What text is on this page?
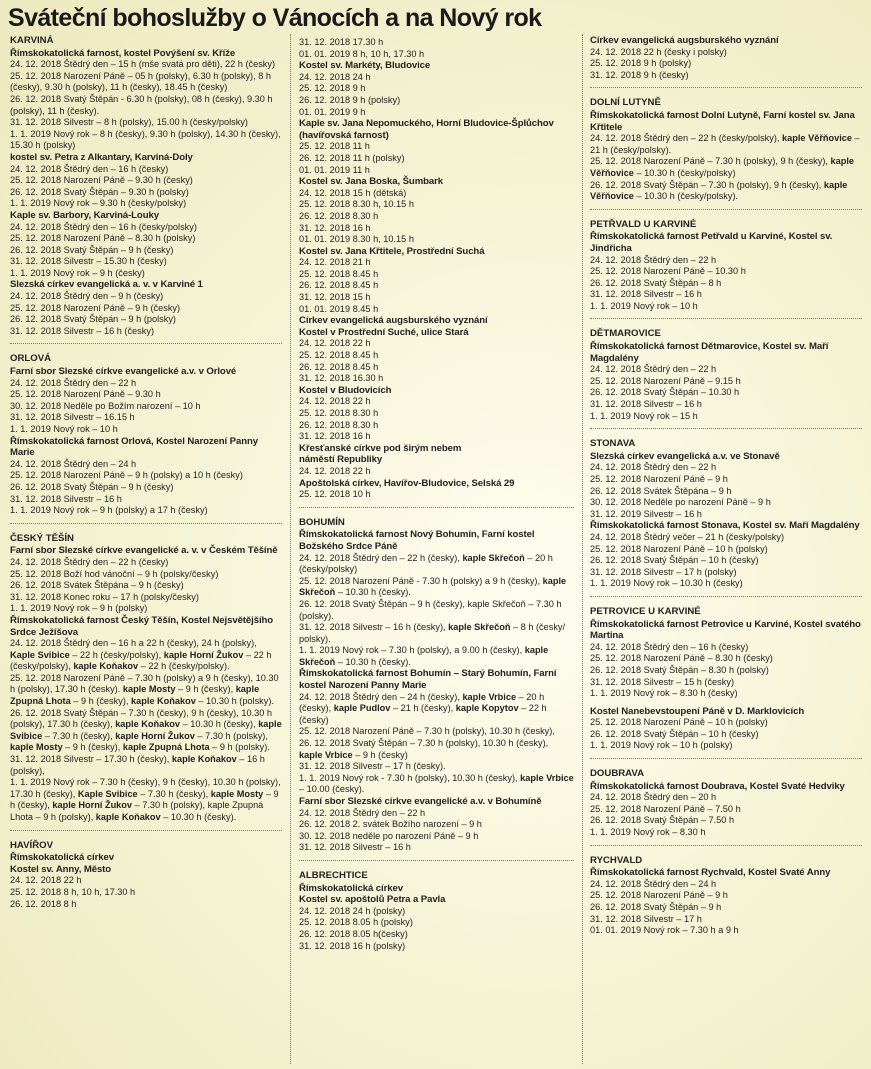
Sváteční bohoslužby o Vánocích a na Nový rok
KARVINÁ
Římskokatolická farnost, kostel Povýšení sv. Kříže
24. 12. 2018 Štědrý den – 15 h (mše svatá pro děti), 22 h (česky)
25. 12. 2018 Narození Páně – 05 h (polsky), 6.30 h (polsky), 8 h (česky), 9.30 h (polsky), 11 h (česky), 18.45 h (česky)
26. 12. 2018 Svatý Štěpán - 6.30 h (polsky), 08 h (česky), 9.30 h (polsky), 11 h (česky).
31. 12. 2018 Silvestr – 8 h (polsky), 15.00 h (česky/polsky)
1. 1. 2019 Nový rok – 8 h (česky), 9.30 h (polsky), 14.30 h (česky), 15.30 h (polsky)
kostel sv. Petra z Alkantary, Karviná-Doly
24. 12. 2018 Štědrý den – 16 h (česky)
25. 12. 2018 Narození Páně – 9.30 h (česky)
26. 12. 2018 Svatý Štěpán – 9.30 h (polsky)
1. 1. 2019 Nový rok – 9.30 h (česky/polsky)
Kaple sv. Barbory, Karviná-Louky
24. 12. 2018 Štědrý den – 16 h (česky/polsky)
25. 12. 2018 Narození Páně – 8.30 h (polsky)
26. 12. 2018 Svatý Štěpán – 9 h (česky)
31. 12. 2018 Silvestr – 15.30 h (česky)
1. 1. 2019 Nový rok – 9 h (česky)
Slezská církev evangelická a. v. v Karviné 1
24. 12. 2018 Štědrý den – 9 h (česky)
25. 12. 2018 Narození Páně – 9 h (česky)
26. 12. 2018 Svatý Štěpán – 9 h (polsky)
31. 12. 2018 Silvestr – 16 h (česky)
ORLOVÁ
Farní sbor Slezské církve evangelické a.v. v Orlové
24. 12. 2018 Štědrý den – 22 h
25. 12. 2018 Narození Páně – 9.30 h
30. 12. 2018 Neděle po Božím narození – 10 h
31. 12. 2018 Silvestr – 16.15 h
1. 1. 2019 Nový rok – 10 h
Římskokatolická farnost Orlová, Kostel Narození Panny Marie
24. 12. 2018 Štědrý den – 24 h
25. 12. 2018 Narození Páně – 9 h (polsky) a 10 h (česky)
26. 12. 2018 Svatý Štěpán – 9 h (česky)
31. 12. 2018 Silvestr – 16 h
1. 1. 2019 Nový rok – 9 h (polsky) a 17 h (česky)
ČESKÝ TĚŠÍN
Farní sbor Slezské církve evangelické a. v. v Českém Těšíně
24. 12. 2018 Štědrý den – 22 h (česky)
25. 12. 2018 Boží hod vánoční – 9 h (polsky/česky)
26. 12. 2018 Svátek Štěpána – 9 h (česky)
31. 12. 2018 Konec roku – 17 h (polsky/česky)
1. 1. 2019 Nový rok – 9 h (polsky)
Římskokatolická farnost Český Těšín, Kostel Nejsvětějšího Srdce Ježíšova
24. 12. 2018 Štědrý den – 16 h a 22 h (česky), 24 h (polsky), Kaple Svibice – 22 h (česky/polsky), kaple Horní Žukov – 22 h (česky/polsky), kaple Koňakov – 22 h (česky/polsky).
25. 12. 2018 Narození Páně – 7.30 h (polsky) a 9 h (česky), 10.30 h (polsky), 17.30 h (česky). kaple Mosty – 9 h (česky), kaple Zpupná Lhota – 9 h (česky), kaple Koňakov – 10.30 h (polsky).
26. 12. 2018 Svatý Štěpán – 7.30 h (česky), 9 h (česky), 10.30 h (polsky), 17.30 h (česky), kaple Koňakov – 10.30 h (česky), kaple Svibice – 7.30 h (česky), kaple Horní Žukov – 7.30 h (polsky), kaple Mosty – 9 h (česky), kaple Zpupná Lhota – 9 h (polsky).
31. 12. 2018 Silvestr – 17.30 h (česky), kaple Koňakov – 16 h (polsky),
1. 1. 2019 Nový rok – 7.30 h (česky), 9 h (česky), 10.30 h (polsky), 17.30 h (česky), Kaple Svibice – 7.30 h (česky), kaple Mosty – 9 h (česky), kaple Horní Žukov – 7.30 h (polsky), kaple Zpupná Lhota – 9 h (polsky), kaple Koňakov – 10.30 h (česky).
HAVÍŘOV
Římskokatolická církev
Kostel sv. Anny, Město
24. 12. 2018 22 h
25. 12. 2018 8 h, 10 h, 17.30 h
26. 12. 2018 8 h
31. 12. 2018 17.30 h
01. 01. 2019 8 h, 10 h, 17.30 h
Kostel sv. Markéty, Bludovice
24. 12. 2018 24 h
25. 12. 2018 9 h
26. 12. 2018 9 h (polsky)
01. 01. 2019 9 h
Kaple sv. Jana Nepomuckého, Horní Bludovice-Šplůchov (havířovská farnost)
25. 12. 2018 11 h
26. 12. 2018 11 h (polsky)
01. 01. 2019 11 h
Kostel sv. Jana Boska, Šumbark
24. 12. 2018 15 h (dětská)
25. 12. 2018 8.30 h, 10.15 h
26. 12. 2018 8.30 h
31. 12. 2018 16 h
01. 01. 2019 8.30 h, 10.15 h
Kostel sv. Jana Křtitele, Prostřední Suchá
24. 12. 2018 21 h
25. 12. 2018 8.45 h
26. 12. 2018 8.45 h
31. 12. 2018 15 h
01. 01. 2019 8.45 h
Církev evangelická augsburského vyznání
Kostel v Prostřední Suché, ulice Stará
24. 12. 2018 22 h
25. 12. 2018 8.45 h
26. 12. 2018 8.45 h
31. 12. 2018 16.30 h
Kostel v Bludovicích
24. 12. 2018 22 h
25. 12. 2018 8.30 h
26. 12. 2018 8.30 h
31. 12. 2018 16 h
Křesťanské církve pod širým nebem
náměstí Republiky
24. 12. 2018 22 h
Apoštolská církev, Havířov-Bludovice, Selská 29
25. 12. 2018 10 h
BOHUMÍN
Římskokatolická farnost Nový Bohumín, Farní kostel Božského Srdce Páně
24. 12. 2018 Štědrý den – 22 h (česky), kaple Skřečoň – 20 h (česky/polsky)
25. 12. 2018 Narození Páně - 7.30 h (polsky) a 9 h (česky), kaple Skřečoň – 10.30 h (česky).
26. 12. 2018 Svatý Štěpán – 9 h (česky), kaple Skřečoň – 7.30 h (polsky).
31. 12. 2018 Silvestr – 16 h (česky), kaple Skřečoň – 8 h (česky/ polsky).
1. 1. 2019 Nový rok – 7.30 h (polsky), a 9.00 h (česky), kaple Skřečoň – 10.30 h (česky).
Římskokatolická farnost Bohumín – Starý Bohumín, Farní kostel Narození Panny Marie
24. 12. 2018 Štědrý den – 24 h (česky), kaple Vrbice – 20 h (česky), kaple Pudlov – 21 h (česky), kaple Kopytov – 22 h (česky)
25. 12. 2018 Narození Páně – 7.30 h (polsky), 10.30 h (česky),
26. 12. 2018 Svatý Štěpán – 7.30 h (polsky), 10.30 h (česky), kaple Vrbice – 9 h (česky)
31. 12. 2018 Silvestr – 17 h (česky).
1. 1. 2019 Nový rok - 7.30 h (polsky), 10.30 h (česky), kaple Vrbice – 10.00 (česky).
Farní sbor Slezské církve evangelické a.v. v Bohumíně
24. 12. 2018 Štědrý den – 22 h
26. 12. 2018 2. svátek Božího narození – 9 h
30. 12. 2018 neděle po narození Páně – 9 h
31. 12. 2018 Silvestr – 16 h
ALBRECHTICE
Římskokatolická církev
Kostel sv. apoštolů Petra a Pavla
24. 12. 2018 24 h (polsky)
25. 12. 2018 8.05 h (polsky)
26. 12. 2018 8.05 h(česky)
31. 12. 2018 16 h (polsky)
Církev evangelická augsburského vyznání
24. 12. 2018 22 h (česky i polsky)
25. 12. 2018 9 h (polsky)
31. 12. 2018 9 h (česky)
DOLNÍ LUTYNĚ
Římskokatolická farnost Dolní Lutyně, Farní kostel sv. Jana Křtitele
24. 12. 2018 Štědrý den – 22 h (česky/polsky), kaple Věřňovice – 21 h (česky/polsky).
25. 12. 2018 Narození Páně – 7.30 h (polsky), 9 h (česky), kaple Věřňovice – 10.30 h (česky/polsky)
26. 12. 2018 Svatý Štěpán – 7.30 h (polsky), 9 h (česky), kaple Věřňovice – 10.30 h (česky/polsky).
PETŘVALD U KARVINÉ
Římskokatolická farnost Petřvald u Karviné, Kostel sv. Jindřicha
24. 12. 2018 Štědrý den – 22 h
25. 12. 2018 Narození Páně – 10.30 h
26. 12. 2018 Svatý Štěpán – 8 h
31. 12. 2018 Silvestr – 16 h
1. 1. 2019 Nový rok – 10 h
DĚTMAROVICE
Římskokatolická farnost Dětmarovice, Kostel sv. Maří Magdalény
24. 12. 2018 Štědrý den – 22 h
25. 12. 2018 Narození Páně – 9.15 h
26. 12. 2018 Svatý Štěpán – 10.30 h
31. 12. 2018 Silvestr – 16 h
1. 1. 2019 Nový rok – 15 h
STONAVA
Slezská církev evangelická a.v. ve Stonavě
24. 12. 2018 Štědrý den – 22 h
25. 12. 2018 Narození Páně – 9 h
26. 12. 2018 Svátek Štěpána – 9 h
30. 12. 2018 Neděle po narození Páně – 9 h
31. 12. 2019 Silvestr – 16 h
Římskokatolická farnost Stonava, Kostel sv. Maří Magdalény
24. 12. 2018 Štědrý večer – 21 h (česky/polsky)
25. 12. 2018 Narození Páně – 10 h (polsky)
26. 12. 2018 Svatý Štěpán – 10 h (česky)
31. 12. 2018 Silvestr – 17 h (polsky)
1. 1. 2019 Nový rok – 10.30 h (česky)
PETROVICE U KARVINÉ
Římskokatolická farnost Petrovice u Karviné, Kostel svatého Martina
24. 12. 2018 Štědrý den – 16 h (česky)
25. 12. 2018 Narození Páně – 8.30 h (česky)
26. 12. 2018 Svatý Štěpán – 8.30 h (polsky)
31. 12. 2018 Silvestr – 15 h (česky)
1. 1. 2019 Nový rok – 8.30 h (česky)
Kostel Nanebevstoupení Páně v D. Marklovicích
25. 12. 2018 Narození Páně – 10 h (polsky)
26. 12. 2018 Svatý Štěpán – 10 h (česky)
1. 1. 2019 Nový rok – 10 h (polsky)
DOUBRAVA
Římskokatolická farnost Doubrava, Kostel Svaté Hedviky
24. 12. 2018 Štědrý den – 20 h
25. 12. 2018 Narození Páně – 7.50 h
26. 12. 2018 Svatý Štěpán – 7.50 h
1. 1. 2019 Nový rok – 8.30 h
RYCHVALD
Římskokatolická farnost Rychvald, Kostel Svaté Anny
24. 12. 2018 Štědrý den – 24 h
25. 12. 2018 Narození Páně – 9 h
26. 12. 2018 Svatý Štěpán – 9 h
31. 12. 2018 Silvestr – 17 h
01. 01. 2019 Nový rok – 7.30 h a 9 h
